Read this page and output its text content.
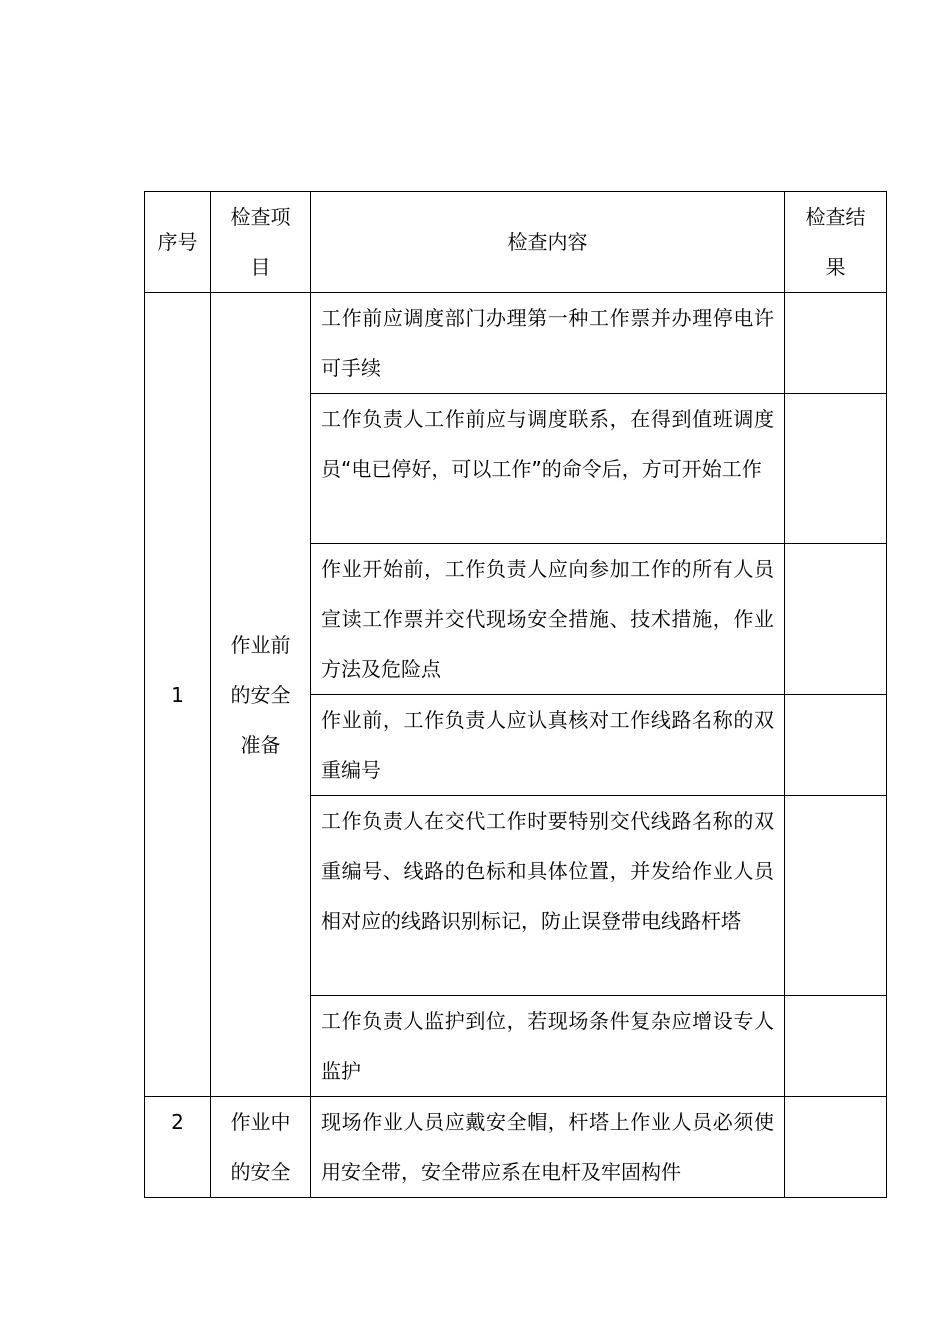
序号	检查项目	检查内容	检查结果
1	作业前的安全准备	工作前应调度部门办理第一种工作票并办理停电许可手续	
		工作负责人工作前应与调度联系，在得到值班调度员“电已停好，可以工作”的命令后，方可开始工作	
		作业开始前，工作负责人应向参加工作的所有人员宣读工作票并交代现场安全措施、技术措施，作业方法及危险点	
		作业前，工作负责人应认真核对工作线路名称的双重编号	
		工作负责人在交代工作时要特别交代线路名称的双重编号、线路的色标和具体位置，并发给作业人员相对应的线路识别标记，防止误登带电线路杆塔	
		工作负责人监护到位，若现场条件复杂应增设专人监护	
2	作业中的安全	现场作业人员应戴安全帽，杆塔上作业人员必须使用安全带，安全带应系在电杆及牢固构件	
